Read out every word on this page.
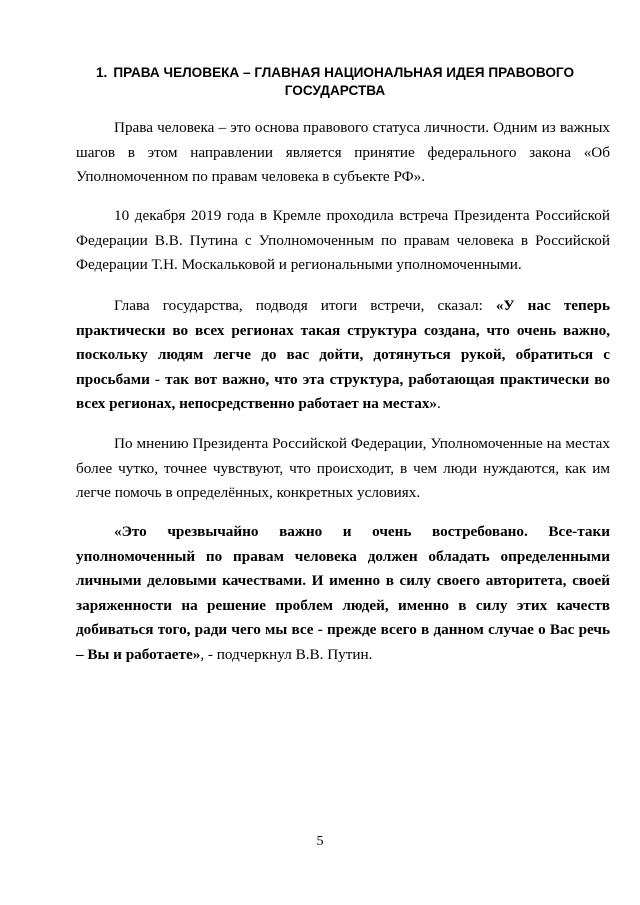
1. ПРАВА ЧЕЛОВЕКА – ГЛАВНАЯ НАЦИОНАЛЬНАЯ ИДЕЯ ПРАВОВОГО ГОСУДАРСТВА

Права человека – это основа правового статуса личности. Одним из важных шагов в этом направлении является принятие федерального закона «Об Уполномоченном по правам человека в субъекте РФ».

10 декабря 2019 года в Кремле проходила встреча Президента Российской Федерации В.В. Путина с Уполномоченным по правам человека в Российской Федерации Т.Н. Москальковой и региональными уполномоченными.

Глава государства, подводя итоги встречи, сказал: «У нас теперь практически во всех регионах такая структура создана, что очень важно, поскольку людям легче до вас дойти, дотянуться рукой, обратиться с просьбами - так вот важно, что эта структура, работающая практически во всех регионах, непосредственно работает на местах».

По мнению Президента Российской Федерации, Уполномоченные на местах более чутко, точнее чувствуют, что происходит, в чем люди нуждаются, как им легче помочь в определённых, конкретных условиях.

«Это чрезвычайно важно и очень востребовано. Все-таки уполномоченный по правам человека должен обладать определенными личными деловыми качествами. И именно в силу своего авторитета, своей заряженности на решение проблем людей, именно в силу этих качеств добиваться того, ради чего мы все - прежде всего в данном случае о Вас речь – Вы и работаете», - подчеркнул В.В. Путин.

5
